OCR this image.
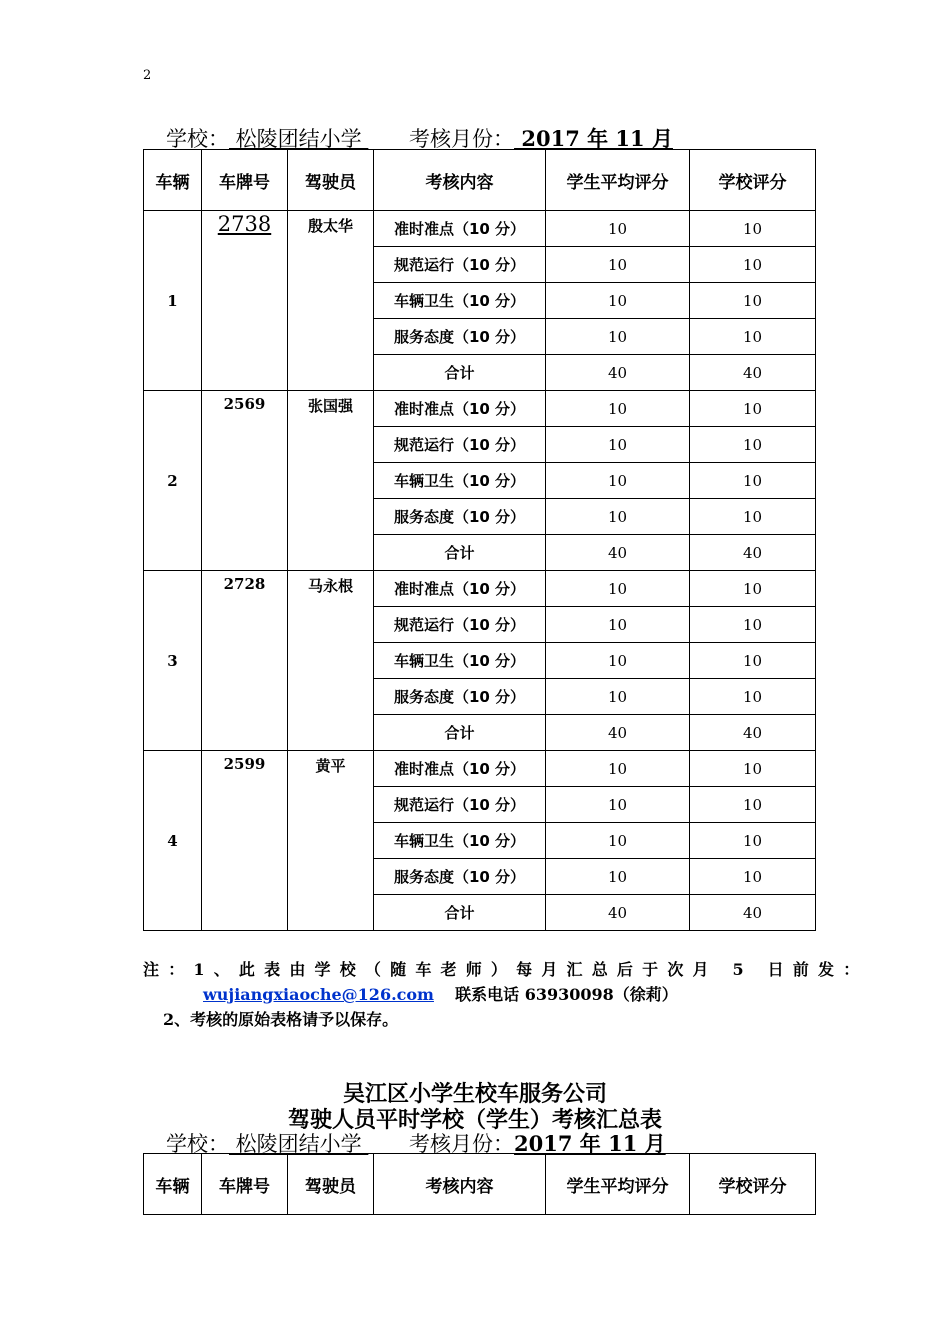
2
学校： 松陵团结小学  考核月份： 2017 年 11 月
车辆	车牌号	驾驶员	考核内容	学生平均评分	学校评分
1	2738	殷太华	准时准点（10 分）	10	10
			规范运行（10 分）	10	10
			车辆卫生（10 分）	10	10
			服务态度（10 分）	10	10
			合计	40	40
2	2569	张国强	准时准点（10 分）	10	10
			规范运行（10 分）	10	10
			车辆卫生（10 分）	10	10
			服务态度（10 分）	10	10
			合计	40	40
3	2728	马永根	准时准点（10 分）	10	10
			规范运行（10 分）	10	10
			车辆卫生（10 分）	10	10
			服务态度（10 分）	10	10
			合计	40	40
4	2599	黄平	准时准点（10 分）	10	10
			规范运行（10 分）	10	10
			车辆卫生（10 分）	10	10
			服务态度（10 分）	10	10
			合计	40	40
注：1、此表由学校（随车老师）每月汇总后于次月 5 日前发：
wujiangxiaoche@126.com 联系电话 63930098（徐莉）
2、考核的原始表格请予以保存。
吴江区小学生校车服务公司
驾驶人员平时学校（学生）考核汇总表
学校： 松陵团结小学  考核月份：2017 年 11 月
车辆	车牌号	驾驶员	考核内容	学生平均评分	学校评分
